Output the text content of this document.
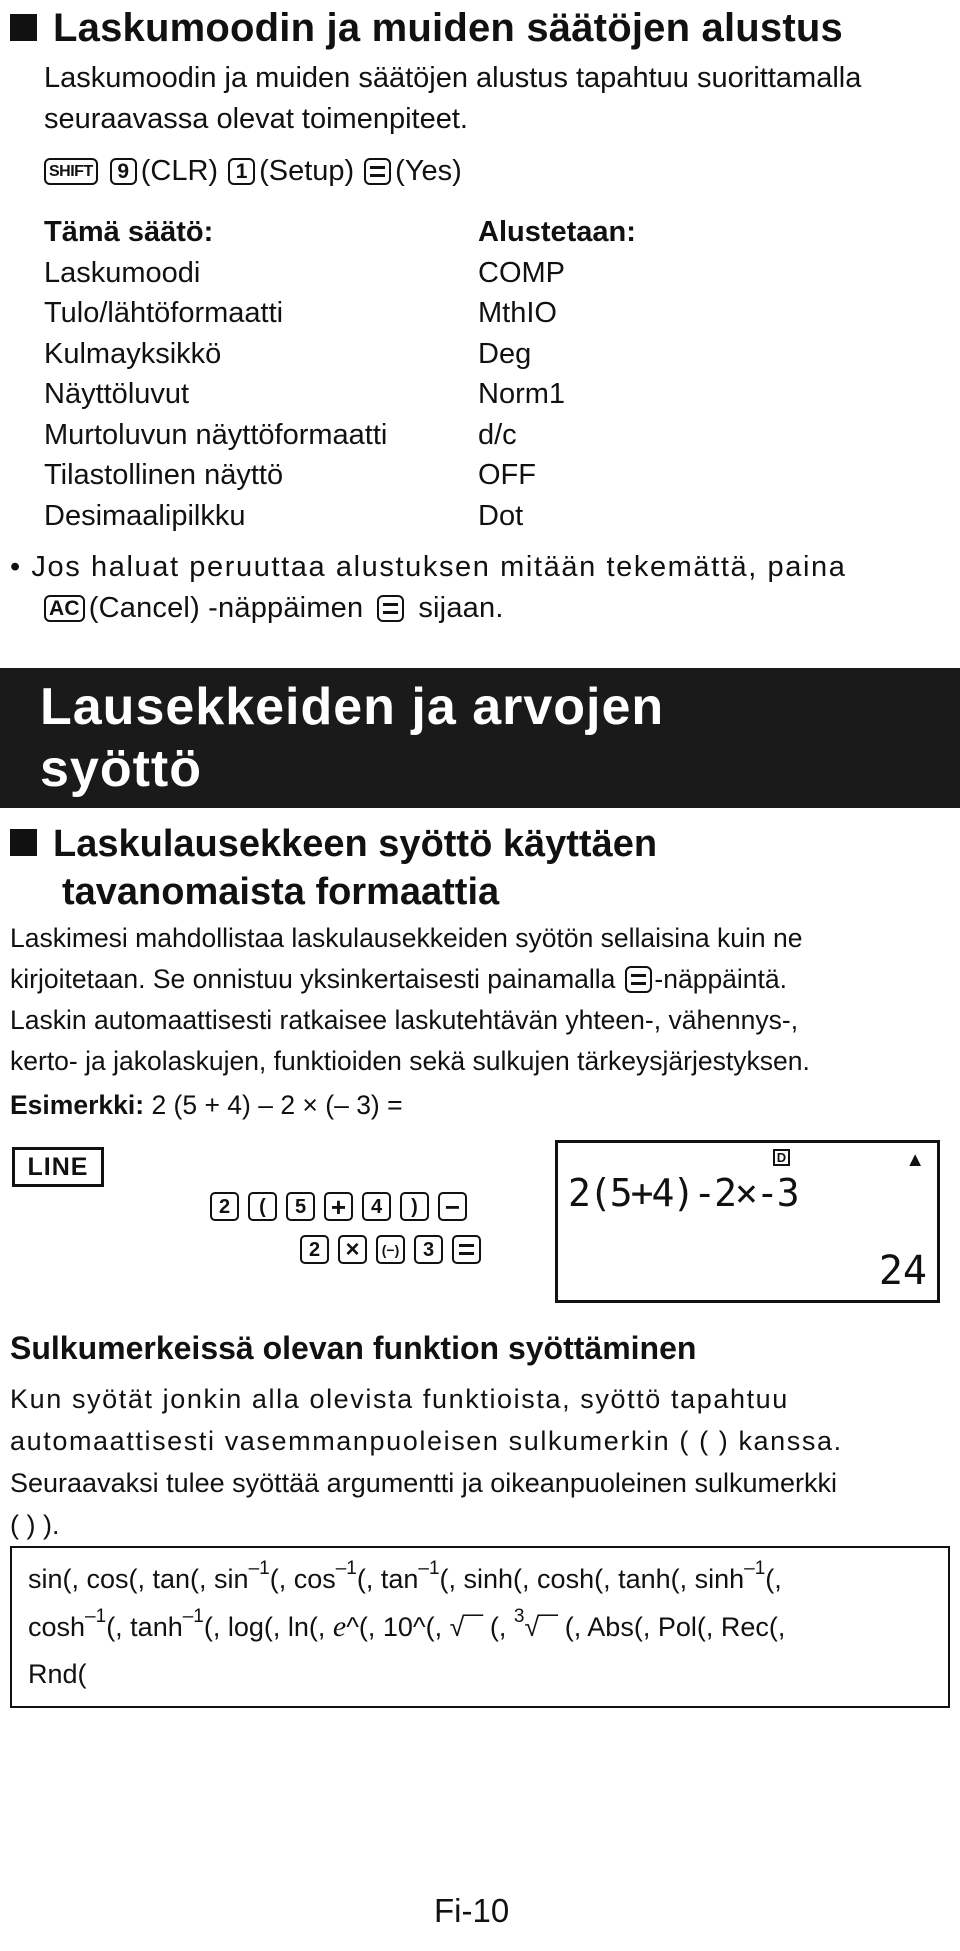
Laskumoodin ja muiden säätöjen alustus
Laskumoodin ja muiden säätöjen alustus tapahtuu suorittamalla seuraavassa olevat toimenpiteet.
SHIFT	9 (CLR) 1 (Setup) (Yes)
Tämä säätö:	Alustetaan:
Laskumoodi	COMP
Tulo/lähtöformaatti	MthIO
Kulmayksikkö	Deg
Näyttöluvut	Norm1
Murtoluvun näyttöformaatti	d/c
Tilastollinen näyttö	OFF
Desimaalipilkku	Dot
• Jos haluat peruuttaa alustuksen mitään tekemättä, paina
AC (Cancel) -näppäimen sijaan.
Lausekkeiden ja arvojen
syöttö
Laskulausekkeen syöttö käyttäen
tavanomaista formaattia
Laskimesi mahdollistaa laskulausekkeiden syötön sellaisina kuin ne
kirjoitetaan. Se onnistuu yksinkertaisesti painamalla -näppäintä.
Laskin automaattisesti ratkaisee laskutehtävän yhteen-, vähennys-,
kerto- ja jakolaskujen, funktioiden sekä sulkujen tärkeysjärjestyksen.
Esimerkki: 2 (5 + 4) – 2 × (– 3) =
LINE
2	(	5 +	4	)	−
2	×	(−)	3
D	▲
2(5+4)-2×-3
24
Sulkumerkeissä olevan funktion syöttäminen
Kun syötät jonkin alla olevista funktioista, syöttö tapahtuu
automaattisesti vasemmanpuoleisen sulkumerkin ( ( ) kanssa.
Seuraavaksi tulee syöttää argumentti ja oikeanpuoleinen sulkumerkki
( ) ).
sin(, cos(, tan(, $\sin^{-1}$(, $\cos^{-1}$(, $\tan^{-1}$(, sinh(, cosh(, tanh(, $\sinh^{-1}$(,
$\cosh^{-1}$(, $\tanh^{-1}$(, log(, ln(, e^(, 10^(, √‾‾ (, $^3$√‾‾ (, Abs(, Pol(, Rec(,
Rnd(
Fi-10
